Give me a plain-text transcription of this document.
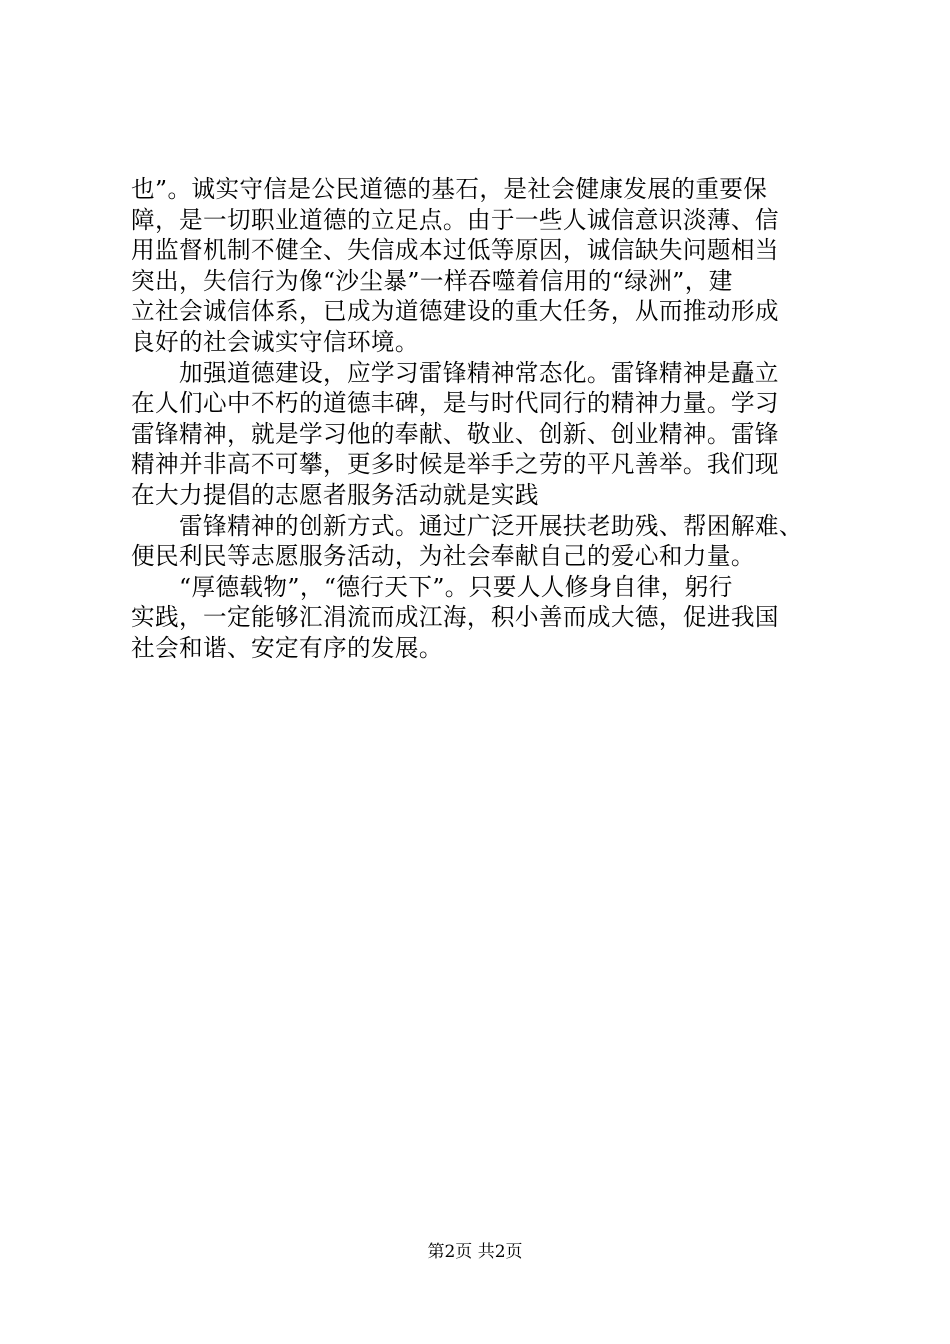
也”。诚实守信是公民道德的基石，是社会健康发展的重要保
障，是一切职业道德的立足点。由于一些人诚信意识淡薄、信
用监督机制不健全、失信成本过低等原因，诚信缺失问题相当
突出，失信行为像“沙尘暴”一样吞噬着信用的“绿洲”，建
立社会诚信体系，已成为道德建设的重大任务，从而推动形成
良好的社会诚实守信环境。
　　加强道德建设，应学习雷锋精神常态化。雷锋精神是矗立
在人们心中不朽的道德丰碑，是与时代同行的精神力量。学习
雷锋精神，就是学习他的奉献、敬业、创新、创业精神。雷锋
精神并非高不可攀，更多时候是举手之劳的平凡善举。我们现
在大力提倡的志愿者服务活动就是实践
　　雷锋精神的创新方式。通过广泛开展扶老助残、帮困解难、
便民利民等志愿服务活动，为社会奉献自己的爱心和力量。
　　“厚德载物”，“德行天下”。只要人人修身自律，躬行
实践，一定能够汇涓流而成江海，积小善而成大德，促进我国
社会和谐、安定有序的发展。
第2页 共2页
